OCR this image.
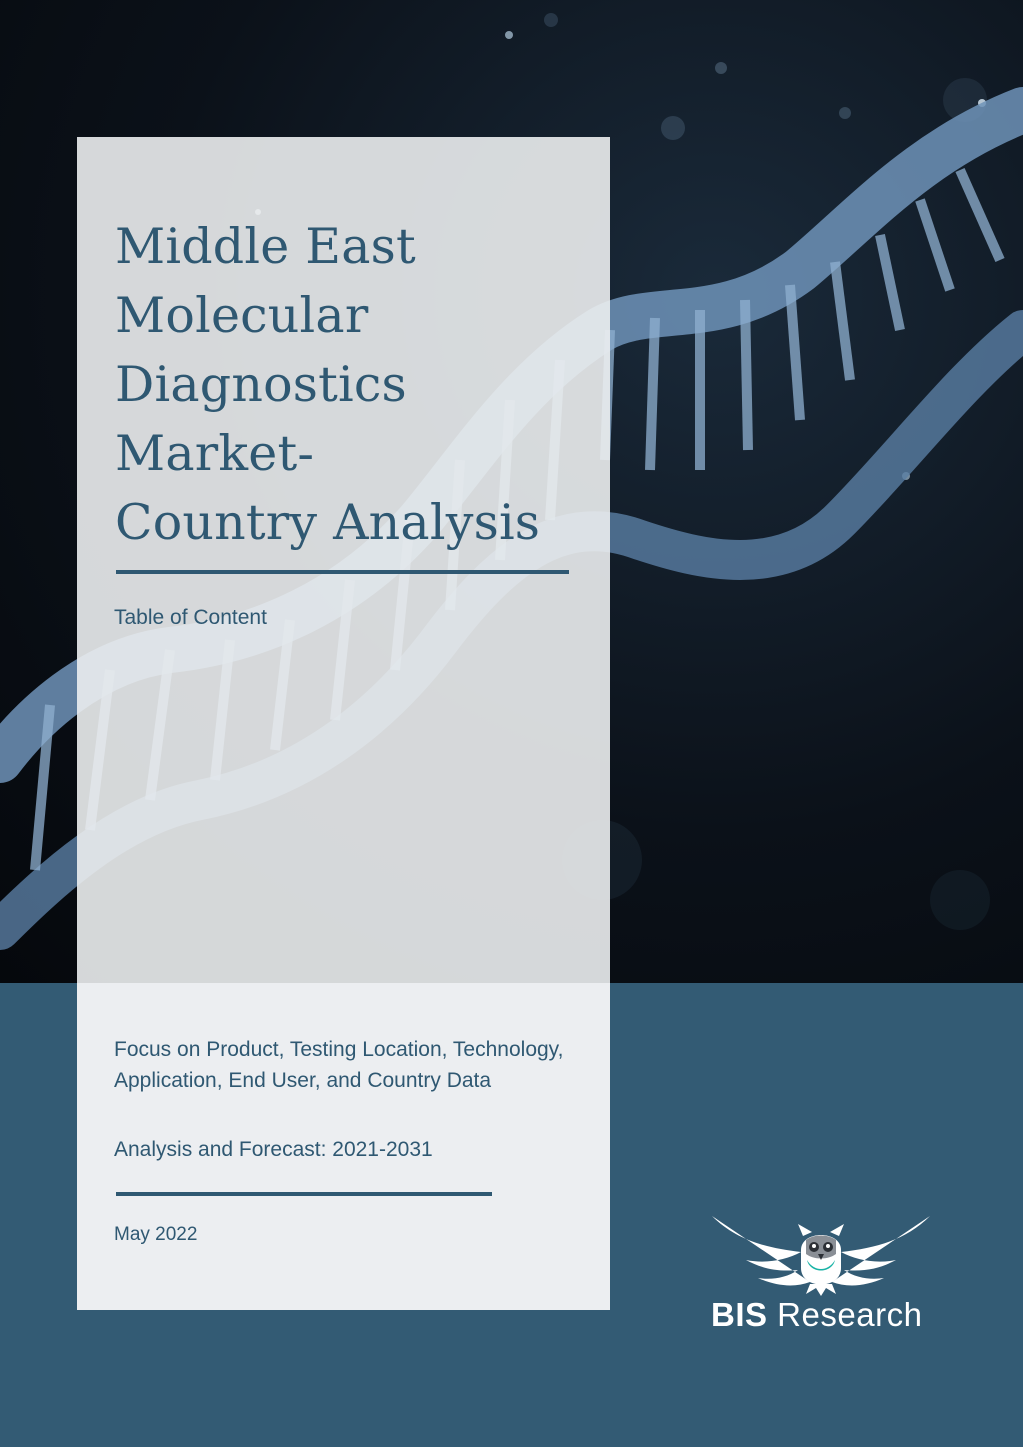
Middle East
Molecular
Diagnostics
Market-
Country Analysis
Table of Content
Focus on Product, Testing Location, Technology, Application, End User, and Country Data
Analysis and Forecast: 2021-2031
May 2022
BIS Research
